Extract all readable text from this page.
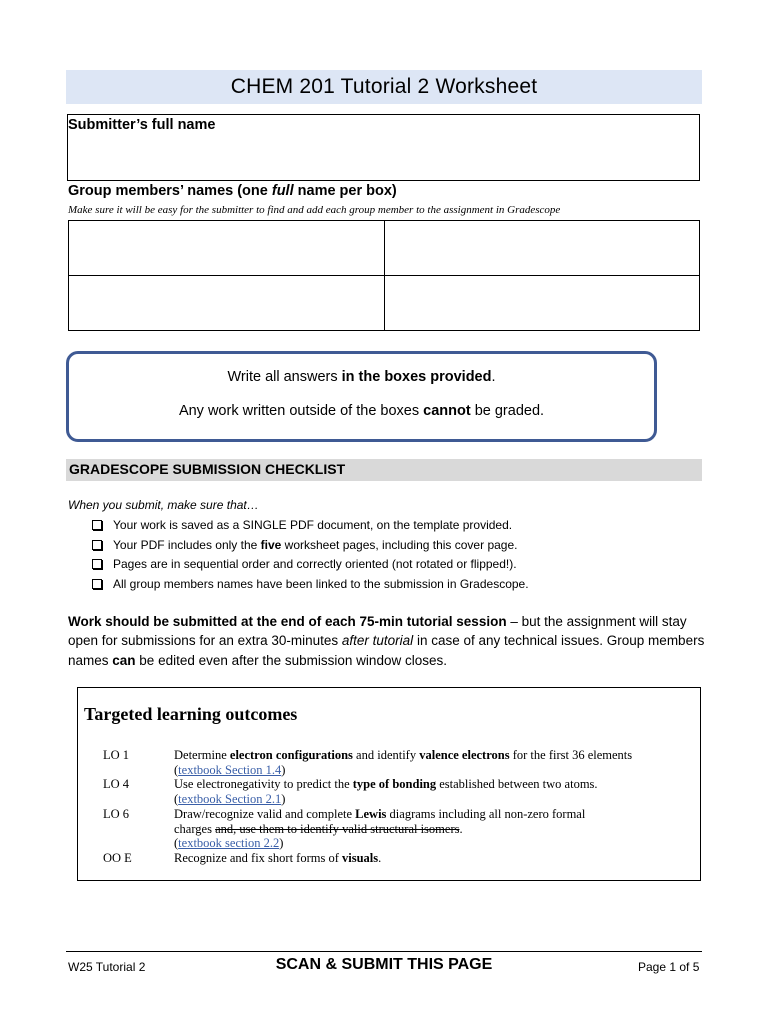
CHEM 201 Tutorial 2 Worksheet
Submitter’s full name
Group members’ names (one full name per box)
Make sure it will be easy for the submitter to find and add each group member to the assignment in Gradescope

Write all answers in the boxes provided.
Any work written outside of the boxes cannot be graded.
GRADESCOPE SUBMISSION CHECKLIST
When you submit, make sure that…
Your work is saved as a SINGLE PDF document, on the template provided.
Your PDF includes only the five worksheet pages, including this cover page.
Pages are in sequential order and correctly oriented (not rotated or flipped!).
All group members names have been linked to the submission in Gradescope.
Work should be submitted at the end of each 75-min tutorial session – but the assignment will stay open for submissions for an extra 30-minutes after tutorial in case of any technical issues. Group members names can be edited even after the submission window closes.
Targeted learning outcomes
LO 1	Determine electron configurations and identify valence electrons for the first 36 elements (textbook Section 1.4)
LO 4	Use electronegativity to predict the type of bonding established between two atoms.
(textbook Section 2.1)
LO 6	Draw/recognize valid and complete Lewis diagrams including all non-zero formal
charges and, use them to identify valid structural isomers.
(textbook section 2.2)
OO E	Recognize and fix short forms of visuals.
W25 Tutorial 2	SCAN & SUBMIT THIS PAGE	Page 1 of 5
